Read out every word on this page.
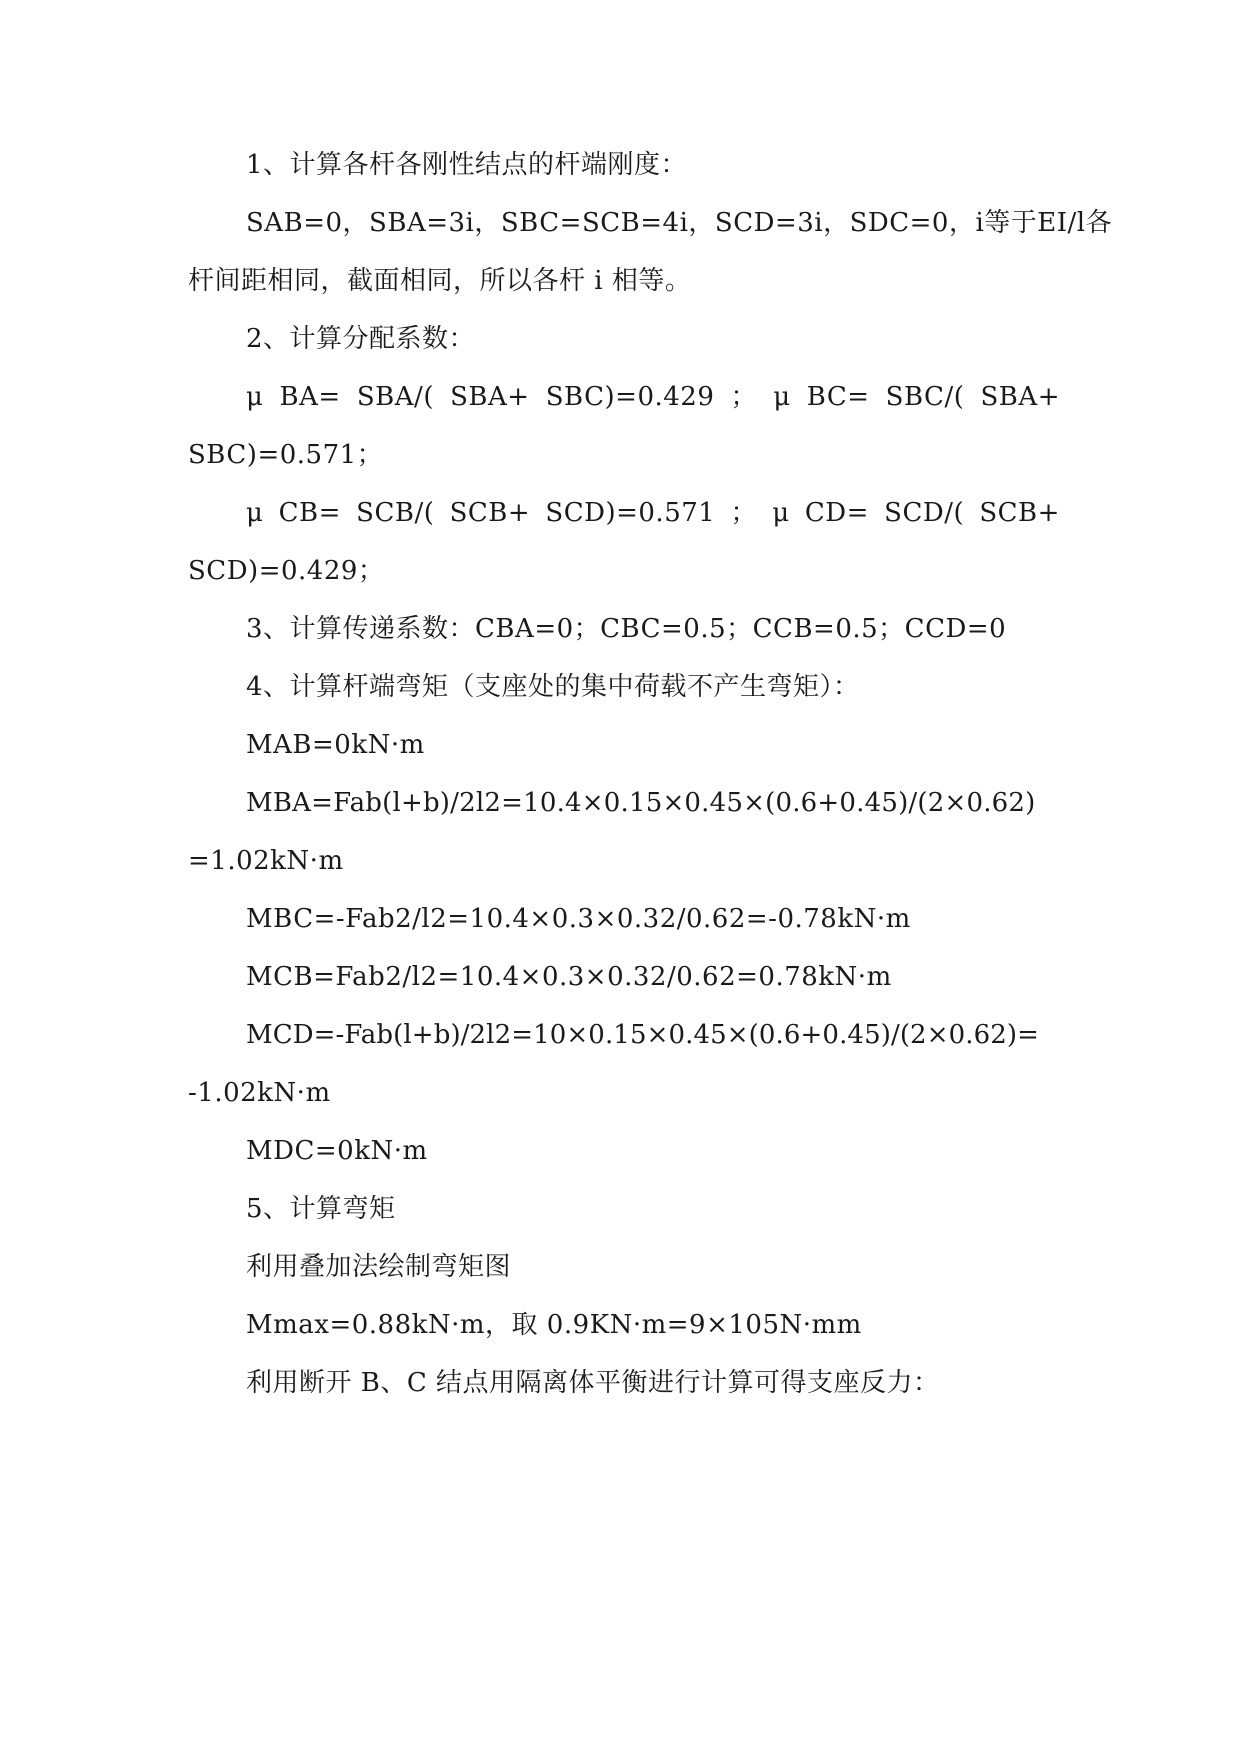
1、计算各杆各刚性结点的杆端刚度：
SAB=0，SBA=3i，SBC=SCB=4i，SCD=3i，SDC=0，i 等于 EI/l 各
杆间距相同，截面相同，所以各杆 i 相等。
2、计算分配系数：
μ BA= SBA/( SBA+ SBC)=0.429 ； μ BC= SBC/( SBA+
SBC)=0.571；
μ CB= SCB/( SCB+ SCD)=0.571 ； μ CD= SCD/( SCB+
SCD)=0.429；
3、计算传递系数：CBA=0；CBC=0.5；CCB=0.5；CCD=0
4、计算杆端弯矩（支座处的集中荷载不产生弯矩）：
MAB=0kN·m
MBA=Fab(l+b)/2l2=10.4×0.15×0.45×(0.6+0.45)/(2×0.62)
=1.02kN·m
MBC=-Fab2/l2=10.4×0.3×0.32/0.62=-0.78kN·m
MCB=Fab2/l2=10.4×0.3×0.32/0.62=0.78kN·m
MCD=-Fab(l+b)/2l2=10×0.15×0.45×(0.6+0.45)/(2×0.62)=
-1.02kN·m
MDC=0kN·m
5、计算弯矩
利用叠加法绘制弯矩图
Mmax=0.88kN·m，取 0.9KN·m=9×105N·mm
利用断开 B、C 结点用隔离体平衡进行计算可得支座反力：
